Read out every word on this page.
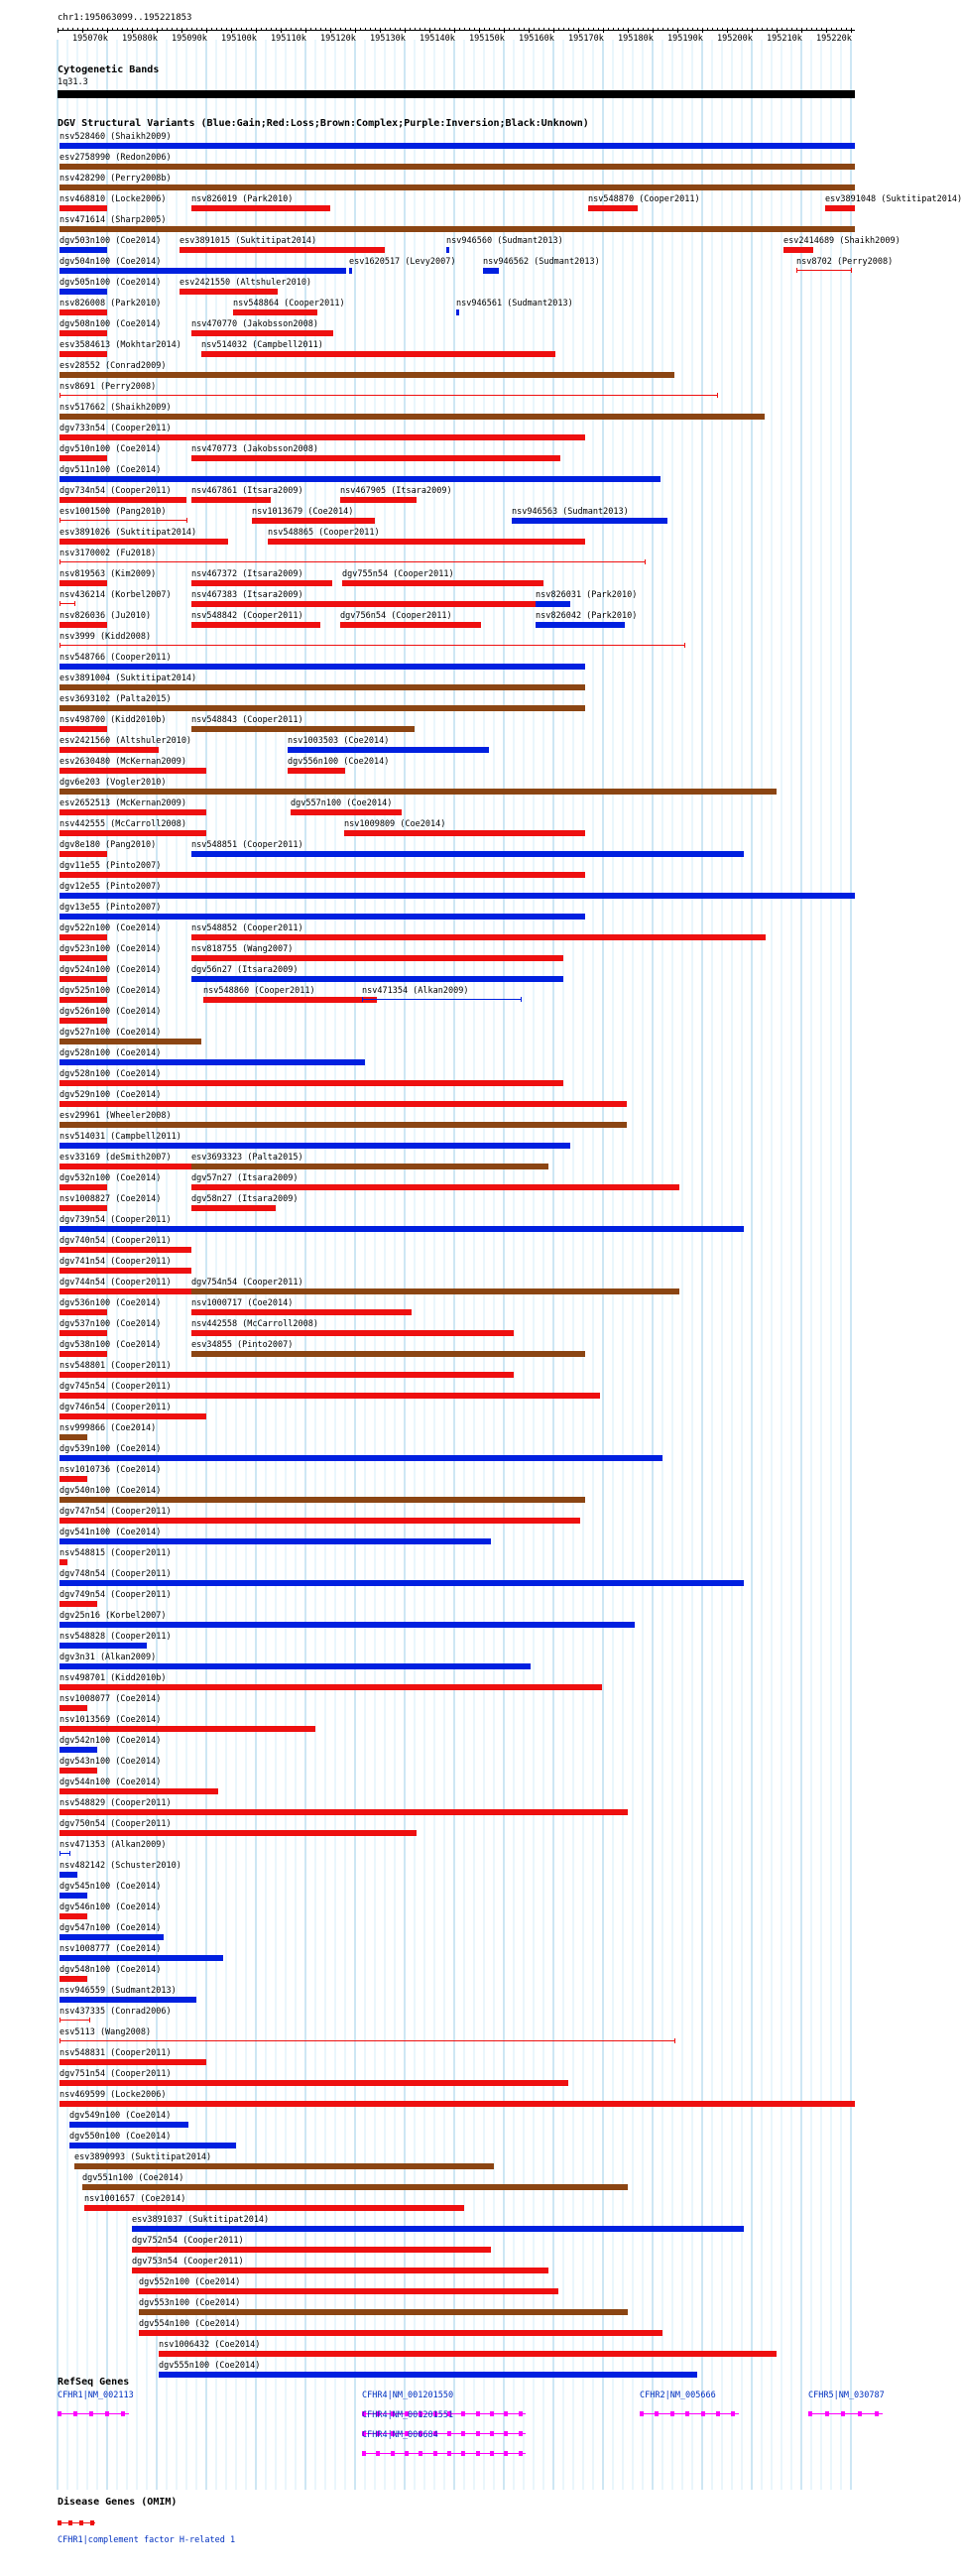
chr1:195063099..195221853
195070k 195080k 195090k 195100k 195110k 195120k 195130k 195140k 195150k 195160k 195170k 195180k 195190k 195200k 195210k 195220k
Cytogenetic Bands
1q31.3
DGV Structural Variants (Blue:Gain;Red:Loss;Brown:Complex;Purple:Inversion;Black:Unknown)
nsv528460 (Shaikh2009)
esv2758990 (Redon2006)
nsv428290 (Perry2008b)
nsv468810 (Locke2006)	nsv826019 (Park2010)	nsv548870 (Cooper2011)	esv3891048 (Suktitipat2014)
nsv471614 (Sharp2005)
dgv503n100 (Coe2014) esv3891015 (Suktitipat2014)	nsv946560 (Sudmant2013)	esv2414689 (Shaikh2009)
dgv504n100 (Coe2014)	esv1620517 (Levy2007)	nsv946562 (Sudmant2013)	nsv8702 (Perry2008)
dgv505n100 (Coe2014) esv2421550 (Altshuler2010)
nsv826008 (Park2010)	nsv548864 (Cooper2011)	nsv946561 (Sudmant2013)
dgv508n100 (Coe2014)	nsv470770 (Jakobsson2008)
esv3584613 (Mokhtar2014) nsv514032 (Campbell2011)
esv28552 (Conrad2009)
nsv8691 (Perry2008)
nsv517662 (Shaikh2009)
dgv733n54 (Cooper2011)
dgv510n100 (Coe2014)	nsv470773 (Jakobsson2008)
dgv511n100 (Coe2014)
dgv734n54 (Cooper2011) nsv467861 (Itsara2009)	nsv467905 (Itsara2009)
esv1001500 (Pang2010)	nsv1013679 (Coe2014)	nsv946563 (Sudmant2013)
esv3891026 (Suktitipat2014)	nsv548865 (Cooper2011)
nsv3170002 (Fu2018)
nsv819563 (Kim2009)	nsv467372 (Itsara2009)	dgv755n54 (Cooper2011)
nsv436214 (Korbel2007) nsv467383 (Itsara2009)	nsv826031 (Park2010)
nsv826036 (Ju2010)	nsv548842 (Cooper2011)	dgv756n54 (Cooper2011)	nsv826042 (Park2010)
nsv3999 (Kidd2008)
nsv548766 (Cooper2011)
esv3891004 (Suktitipat2014)
esv3693102 (Palta2015)
nsv498700 (Kidd2010b)	nsv548843 (Cooper2011)
esv2421560 (Altshuler2010)	nsv1003503 (Coe2014)
esv2630480 (McKernan2009)	dgv556n100 (Coe2014)
dgv6e203 (Vogler2010)
esv2652513 (McKernan2009)	dgv557n100 (Coe2014)
nsv442555 (McCarroll2008)	nsv1009809 (Coe2014)
dgv8e180 (Pang2010)	nsv548851 (Cooper2011)
dgv11e55 (Pinto2007)
dgv12e55 (Pinto2007)
dgv13e55 (Pinto2007)
dgv522n100 (Coe2014)	nsv548852 (Cooper2011)
dgv523n100 (Coe2014)	nsv818755 (Wang2007)
dgv524n100 (Coe2014)	dgv56n27 (Itsara2009)
dgv525n100 (Coe2014)	nsv548860 (Cooper2011)	nsv471354 (Alkan2009)
dgv526n100 (Coe2014)
dgv527n100 (Coe2014)
dgv528n100 (Coe2014)
dgv528n100 (Coe2014)
dgv529n100 (Coe2014)
esv29961 (Wheeler2008)
nsv514031 (Campbell2011)
esv33169 (deSmith2007) esv3693323 (Palta2015)
dgv532n100 (Coe2014)	dgv57n27 (Itsara2009)
nsv1008827 (Coe2014)	dgv58n27 (Itsara2009)
dgv739n54 (Cooper2011)
dgv740n54 (Cooper2011)
dgv741n54 (Cooper2011)
dgv744n54 (Cooper2011) dgv754n54 (Cooper2011)
dgv536n100 (Coe2014)	nsv1000717 (Coe2014)
dgv537n100 (Coe2014)	nsv442558 (McCarroll2008)
dgv538n100 (Coe2014)	esv34855 (Pinto2007)
nsv548801 (Cooper2011)
dgv745n54 (Cooper2011)
dgv746n54 (Cooper2011)
nsv999866 (Coe2014)
dgv539n100 (Coe2014)
nsv1010736 (Coe2014)
dgv540n100 (Coe2014)
dgv747n54 (Cooper2011)
dgv541n100 (Coe2014)
nsv548815 (Cooper2011)
dgv748n54 (Cooper2011)
dgv749n54 (Cooper2011)
dgv25n16 (Korbel2007)
nsv548828 (Cooper2011)
dgv3n31 (Alkan2009)
nsv498701 (Kidd2010b)
nsv1008077 (Coe2014)
nsv1013569 (Coe2014)
dgv542n100 (Coe2014)
dgv543n100 (Coe2014)
dgv544n100 (Coe2014)
nsv548829 (Cooper2011)
dgv750n54 (Cooper2011)
nsv471353 (Alkan2009)
nsv482142 (Schuster2010)
dgv545n100 (Coe2014)
dgv546n100 (Coe2014)
dgv547n100 (Coe2014)
nsv1008777 (Coe2014)
dgv548n100 (Coe2014)
nsv946559 (Sudmant2013)
nsv437335 (Conrad2006)
esv5113 (Wang2008)
nsv548831 (Cooper2011)
dgv751n54 (Cooper2011)
nsv469599 (Locke2006)
dgv549n100 (Coe2014)
dgv550n100 (Coe2014)
esv3890993 (Suktitipat2014)
dgv551n100 (Coe2014)
nsv1001657 (Coe2014)
esv3891037 (Suktitipat2014)
dgv752n54 (Cooper2011)
dgv753n54 (Cooper2011)
dgv552n100 (Coe2014)
dgv553n100 (Coe2014)
dgv554n100 (Coe2014)
nsv1006432 (Coe2014)
dgv555n100 (Coe2014)
RefSeq Genes
CFHR1|NM_002113	CFHR4|NM_001201550	CFHR2|NM_005666	CFHR5|NM_030787
CFHR4|NM_001201551
CFHR4|NM_006684
Disease Genes (OMIM)
CFHR1|complement factor H-related 1
